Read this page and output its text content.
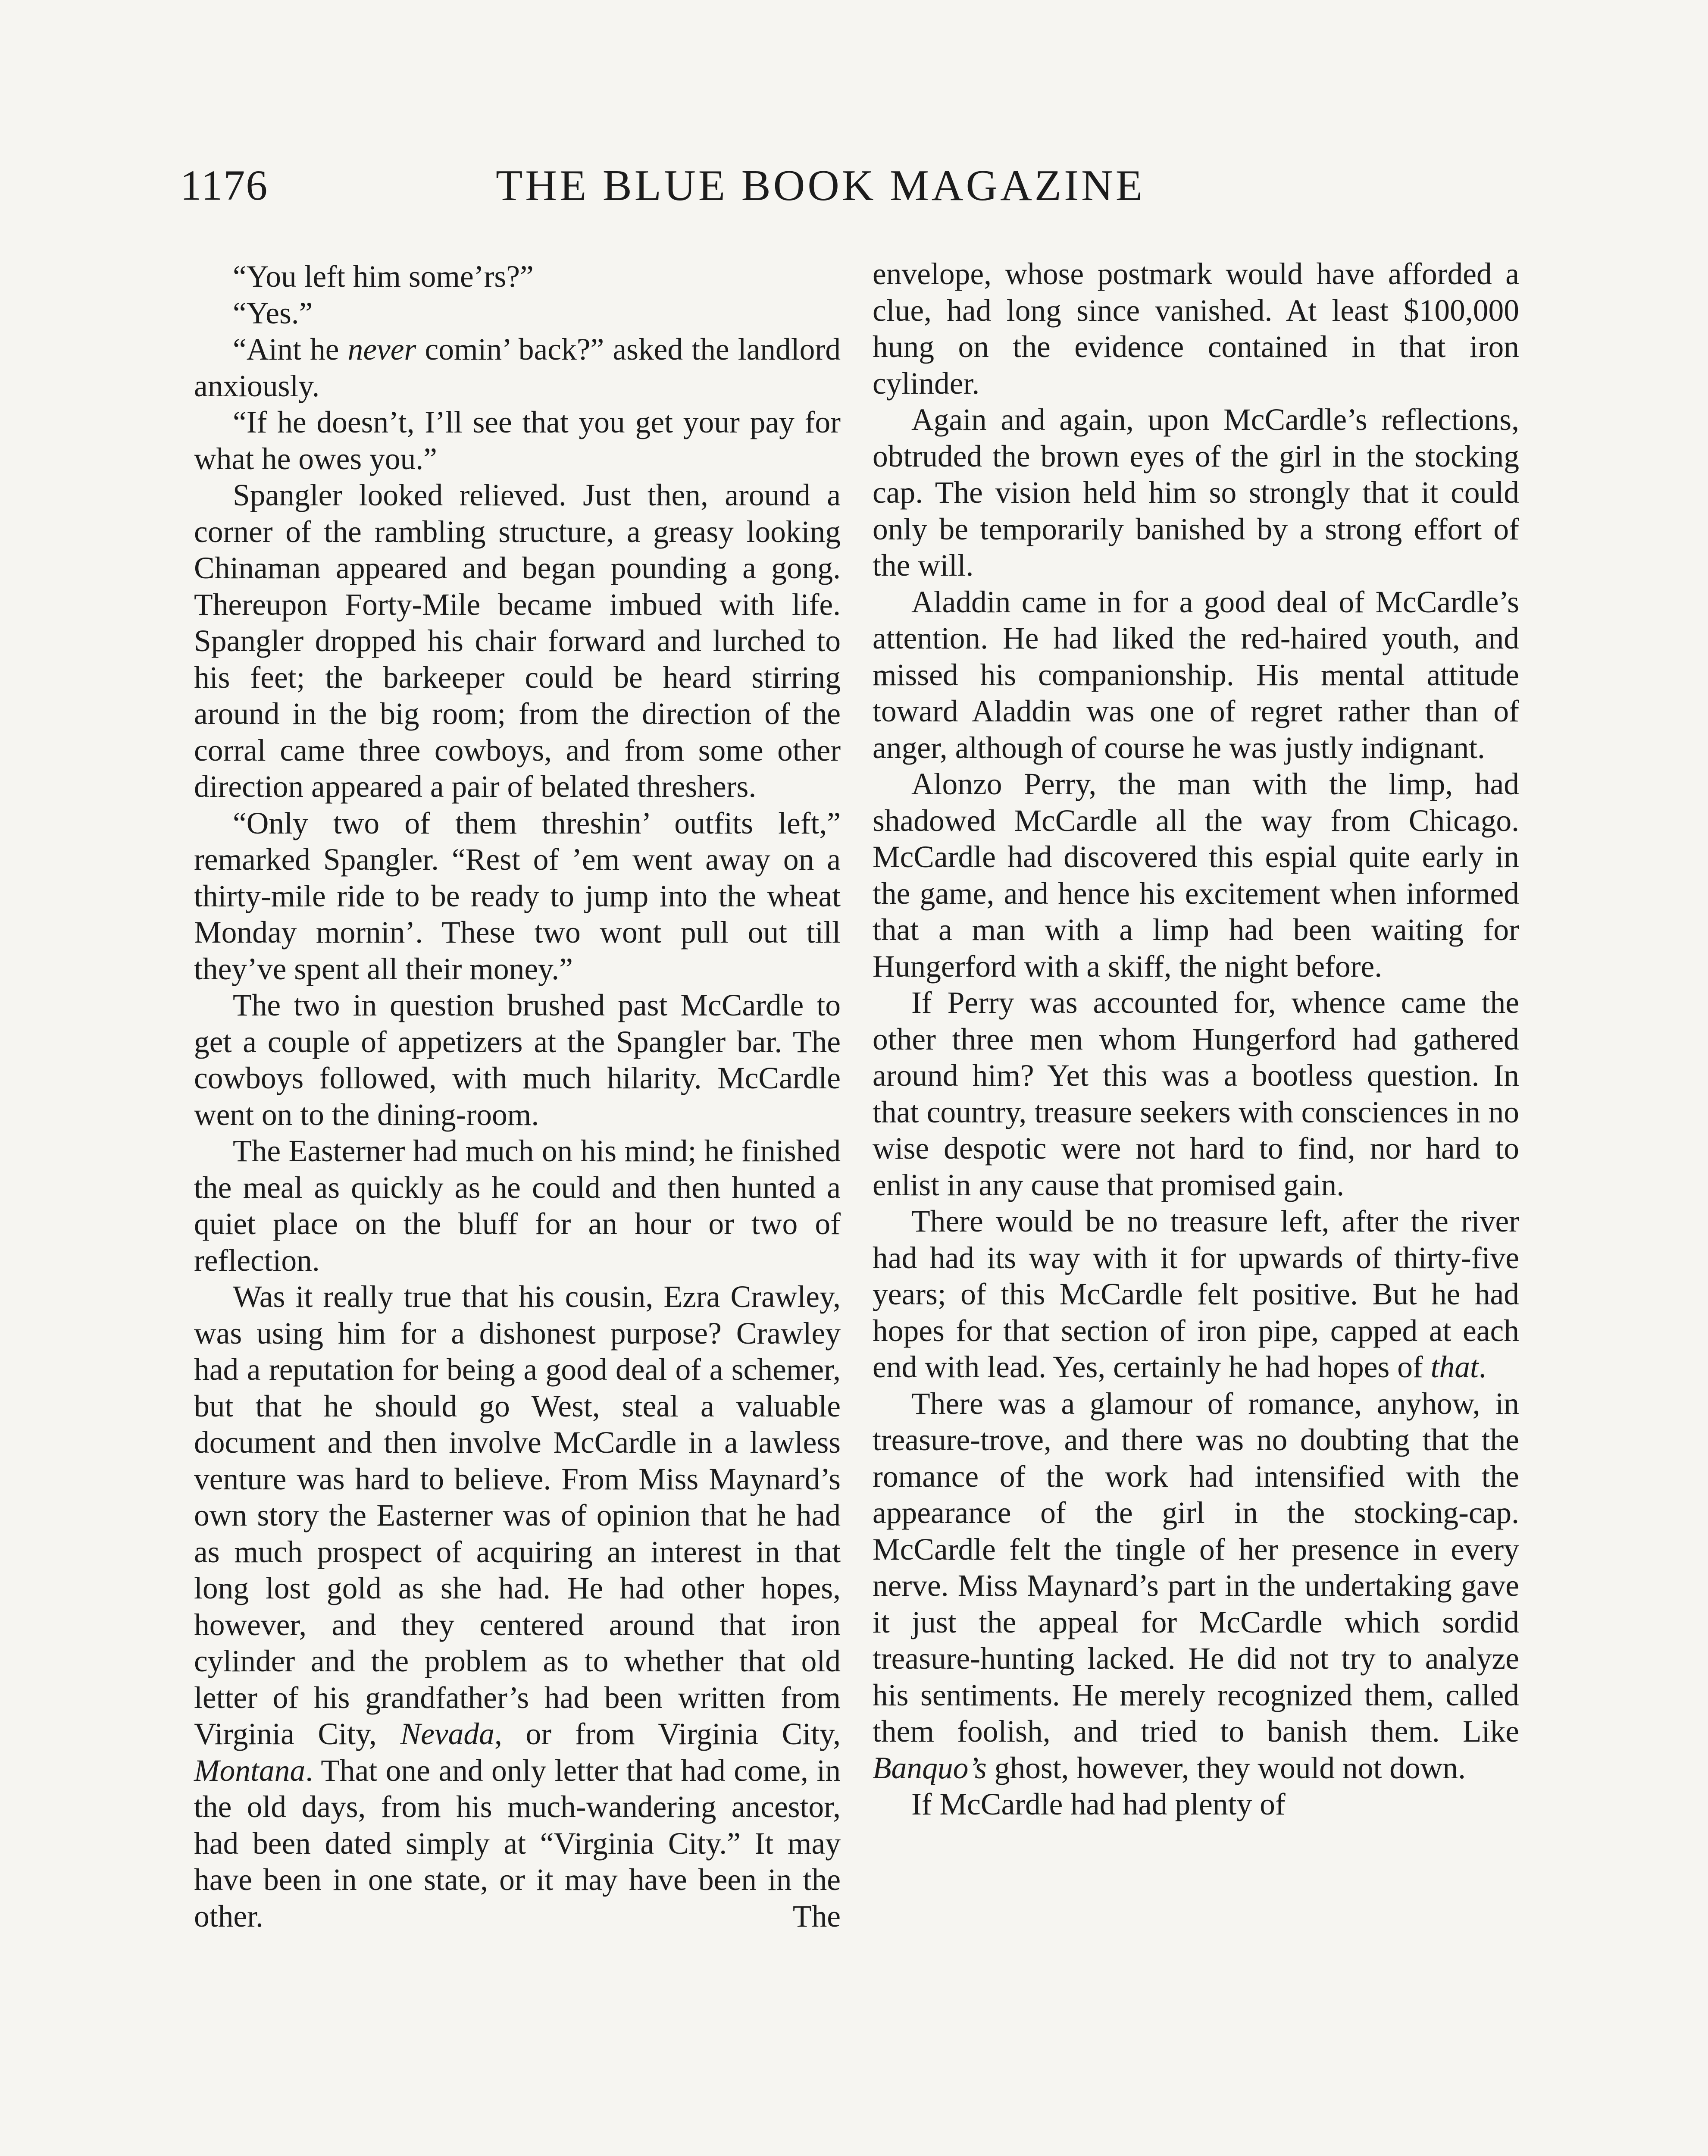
1176	THE BLUE BOOK MAGAZINE

“You left him some’rs?”

“Yes.”

“Aint he never comin’ back?” asked the landlord anxiously.

“If he doesn’t, I’ll see that you get your pay for what he owes you.”

Spangler looked relieved. Just then, around a corner of the rambling structure, a greasy looking Chinaman appeared and began pounding a gong. Thereupon Forty-Mile became imbued with life. Spangler dropped his chair forward and lurched to his feet; the barkeeper could be heard stirring around in the big room; from the direction of the corral came three cowboys, and from some other direction appeared a pair of belated threshers.

“Only two of them threshin’ outfits left,” remarked Spangler. “Rest of ’em went away on a thirty-mile ride to be ready to jump into the wheat Monday mornin’. These two wont pull out till they’ve spent all their money.”

The two in question brushed past McCardle to get a couple of appetizers at the Spangler bar. The cowboys followed, with much hilarity. McCardle went on to the dining-room.

The Easterner had much on his mind; he finished the meal as quickly as he could and then hunted a quiet place on the bluff for an hour or two of reflection.

Was it really true that his cousin, Ezra Crawley, was using him for a dishonest purpose? Crawley had a reputation for being a good deal of a schemer, but that he should go West, steal a valuable document and then involve McCardle in a lawless venture was hard to believe. From Miss Maynard’s own story the Easterner was of opinion that he had as much prospect of acquiring an interest in that long lost gold as she had. He had other hopes, however, and they centered around that iron cylinder and the problem as to whether that old letter of his grandfather’s had been written from Virginia City, Nevada, or from Virginia City, Montana. That one and only letter that had come, in the old days, from his much-wandering ancestor, had been dated simply at “Virginia City.” It may have been in one state, or it may have been in the other. The

envelope, whose postmark would have afforded a clue, had long since vanished. At least $100,000 hung on the evidence contained in that iron cylinder.

Again and again, upon McCardle’s reflections, obtruded the brown eyes of the girl in the stocking cap. The vision held him so strongly that it could only be temporarily banished by a strong effort of the will.

Aladdin came in for a good deal of McCardle’s attention. He had liked the red-haired youth, and missed his companionship. His mental attitude toward Aladdin was one of regret rather than of anger, although of course he was justly indignant.

Alonzo Perry, the man with the limp, had shadowed McCardle all the way from Chicago. McCardle had discovered this espial quite early in the game, and hence his excitement when informed that a man with a limp had been waiting for Hungerford with a skiff, the night before.

If Perry was accounted for, whence came the other three men whom Hungerford had gathered around him? Yet this was a bootless question. In that country, treasure seekers with consciences in no wise despotic were not hard to find, nor hard to enlist in any cause that promised gain.

There would be no treasure left, after the river had had its way with it for upwards of thirty-five years; of this McCardle felt positive. But he had hopes for that section of iron pipe, capped at each end with lead. Yes, certainly he had hopes of that.

There was a glamour of romance, anyhow, in treasure-trove, and there was no doubting that the romance of the work had intensified with the appearance of the girl in the stocking-cap. McCardle felt the tingle of her presence in every nerve. Miss Maynard’s part in the undertaking gave it just the appeal for McCardle which sordid treasure-hunting lacked. He did not try to analyze his sentiments. He merely recognized them, called them foolish, and tried to banish them. Like Banquo’s ghost, however, they would not down.

If McCardle had had plenty of
